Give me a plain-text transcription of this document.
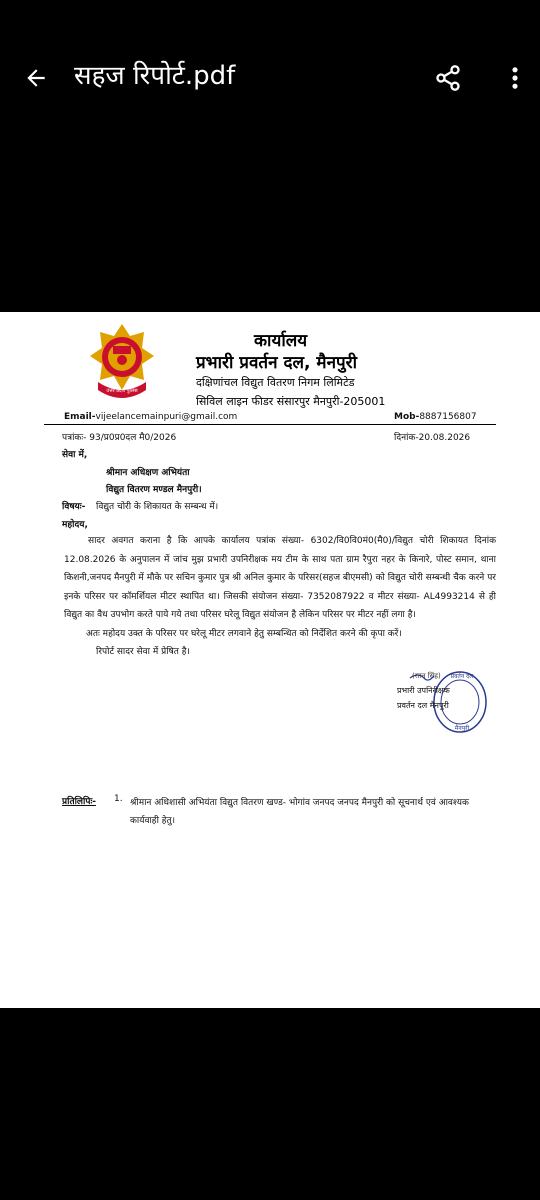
सहज रिपोर्ट.pdf
उत्तर प्रदेश पुलिस
कार्यालय
प्रभारी प्रवर्तन दल, मैनपुरी
दक्षिणांचल विद्युत वितरण निगम लिमिटेड
सिविल लाइन फीडर संसारपुर मैनपुरी-205001
Email-vijeelancemainpuri@gmail.com	Mob-8887156807
पत्रांकः- 93/प्र0प्र0दल मै0/2026	दिनांक-20.08.2026
सेवा में,
श्रीमान अधिक्षण अभियंता
विद्युत वितरण मण्डल मैनपुरी।
विषयः- विद्युत चोरी के शिकायत के सम्बन्ध में।
महोदय,

सादर अवगत कराना है कि आपके कार्यालय पत्रांक संख्या- 6302/वि0वि0मं0(मै0)/विद्युत चोरी शिकायत दिनांक 12.08.2026 के अनुपालन में जांच मुझ प्रभारी उपनिरीक्षक मय टीम के साथ पता ग्राम रैपुरा नहर के किनारे, पोस्ट समान, थाना किशनी,जनपद मैनपुरी में मौके पर सचिन कुमार पुत्र श्री अनिल कुमार के परिसर(सहज बीएमसी) को विद्युत चोरी सम्बन्धी चैक करने पर इनके परिसर पर कॉमर्शियल मीटर स्थापित था। जिसकी संयोजन संख्या- 7352087922 व मीटर संख्या- AL4993214 से ही विद्युत का वैध उपभोग करते पाये गये तथा परिसर घरेलू विद्युत संयोजन है लेकिन परिसर पर मीटर नहीं लगा है।

अतः महोदय उक्त के परिसर पर घरेलू मीटर लगवाने हेतु सम्बन्धित को निर्देशित करने की कृपा करें।

रिपोर्ट सादर सेवा में प्रेषित है।

प्रवर्तन दल
मैनपुरी
(रतन सिंह)
प्रभारी उपनिरीक्षक
प्रवर्तन दल मैनपुरी
प्रतिलिपिः- 1. श्रीमान अधिशासी अभियंता विद्युत वितरण खण्ड- भोगांव जनपद जनपद मैनपुरी को सूचनार्थ एवं आवश्यक कार्यवाही हेतु।
